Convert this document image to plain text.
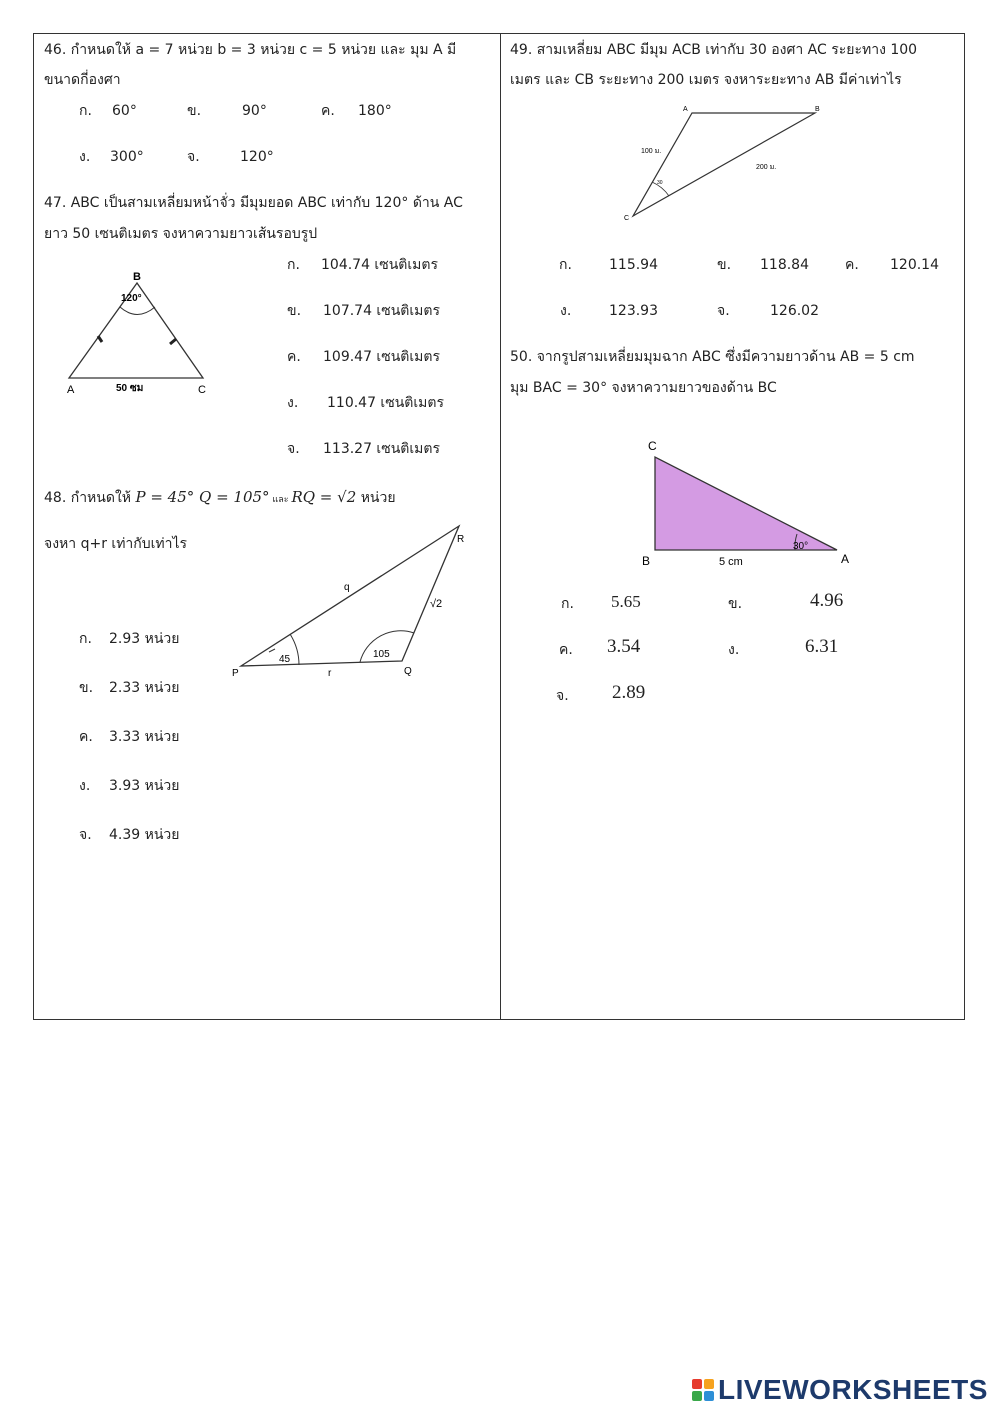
46. กำหนดให้ a = 7 หน่วย b = 3 หน่วย c = 5 หน่วย และ มุม A มี
ขนาดกี่องศา
ก. 60°	ข.	90°	ค. 180°
ง. 300°	จ.	120°
47. ABC เป็นสามเหลี่ยมหน้าจั่ว มีมุมยอด ABC เท่ากับ 120° ด้าน AC
ยาว 50 เซนติเมตร จงหาความยาวเส้นรอบรูป
B
120°
A	50 ซม	C
ก. 104.74 เซนติเมตร
ข. 107.74 เซนติเมตร
ค. 109.47 เซนติเมตร
ง. 110.47 เซนติเมตร
จ. 113.27 เซนติเมตร
48. กำหนดให้ P = 45° Q = 105° และ RQ = √2 หน่วย
จงหา q+r เท่ากับเท่าไร
P	Q
R
45	105
q
r
√2
ก. 2.93 หน่วย
ข. 2.33 หน่วย
ค. 3.33 หน่วย
ง. 3.93 หน่วย
จ. 4.39 หน่วย
49. สามเหลี่ยม ABC มีมุม ACB เท่ากับ 30 องศา AC ระยะทาง 100
เมตร และ CB ระยะทาง 200 เมตร จงหาระยะทาง AB มีค่าเท่าไร
A	B
C
100 ม.
200 ม.
30
ก.	115.94	ข. 118.84	ค. 120.14
ง.	123.93	จ.	126.02
50. จากรูปสามเหลี่ยมมุมฉาก ABC ซึ่งมีความยาวด้าน AB = 5 cm
มุม BAC = 30° จงหาความยาวของด้าน BC
C
B	A
5 cm
30°
ก. 5.65	ข.	4.96
ค. 3.54	ง.	6.31
จ. 2.89
LIVEWORKSHEETS
